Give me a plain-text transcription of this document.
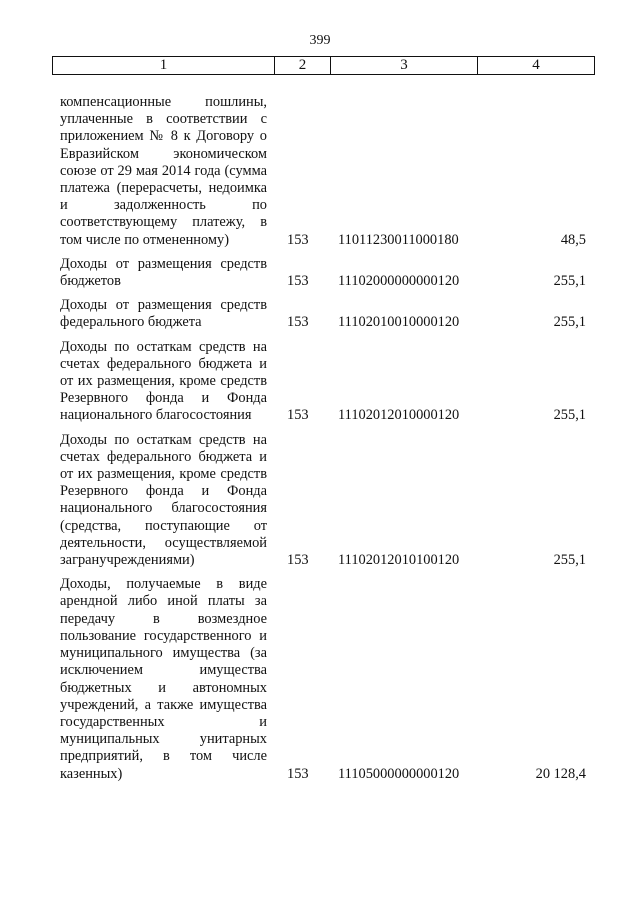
399
1	2	3	4
компенсационные пошлины, уплаченные в соответствии с приложением № 8 к Договору о Евразийском экономическом союзе от 29 мая 2014 года (сумма платежа (перерасчеты, недоимка и задолженность по соответствующему платежу, в том числе по отмененному)	153 11011230011000180	48,5
Доходы от размещения средств бюджетов	153 11102000000000120	255,1
Доходы от размещения средств федерального бюджета	153 11102010010000120	255,1
Доходы по остаткам средств на счетах федерального бюджета и от их размещения, кроме средств Резервного фонда и Фонда национального благосостояния	153 11102012010000120	255,1
Доходы по остаткам средств на счетах федерального бюджета и от их размещения, кроме средств Резервного фонда и Фонда национального благосостояния (средства, поступающие от деятельности, осуществляемой загранучреждениями)	153 11102012010100120	255,1
Доходы, получаемые в виде арендной либо иной платы за передачу в возмездное пользование государственного и муниципального имущества (за исключением имущества бюджетных и автономных учреждений, а также имущества государственных и муниципальных унитарных предприятий, в том числе казенных)	153 11105000000000120	20 128,4
